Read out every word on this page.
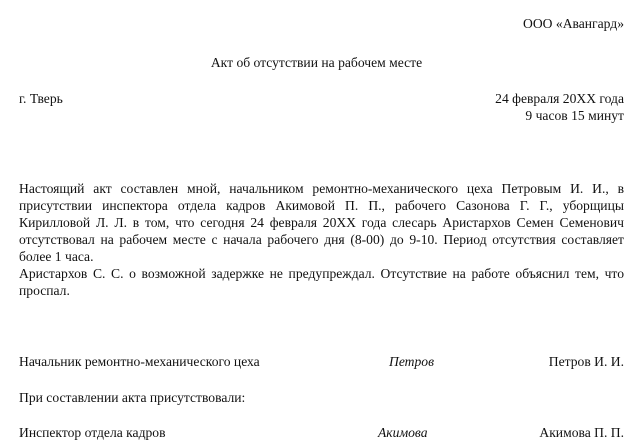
ООО «Авангард»
Акт об отсутствии на рабочем месте
г. Тверь	24 февраля 20ХХ года
9 часов 15 минут

Настоящий акт составлен мной, начальником ремонтно-механического цеха Петровым И. И., в присутствии инспектора отдела кадров Акимовой П. П., рабочего Сазонова Г. Г., уборщицы Кирилловой Л. Л. в том, что сегодня 24 февраля 20ХХ года слесарь Аристархов Семен Семенович отсутствовал на рабочем месте с начала рабочего дня (8-00) до 9-10. Период отсутствия составляет более 1 часа.

Аристархов С. С. о возможной задержке не предупреждал. Отсутствие на работе объяснил тем, что проспал.

Начальник ремонтно-механического цеха	Петров	Петров И. И.
При составлении акта присутствовали:
Инспектор отдела кадров	Акимова	Акимова П. П.
